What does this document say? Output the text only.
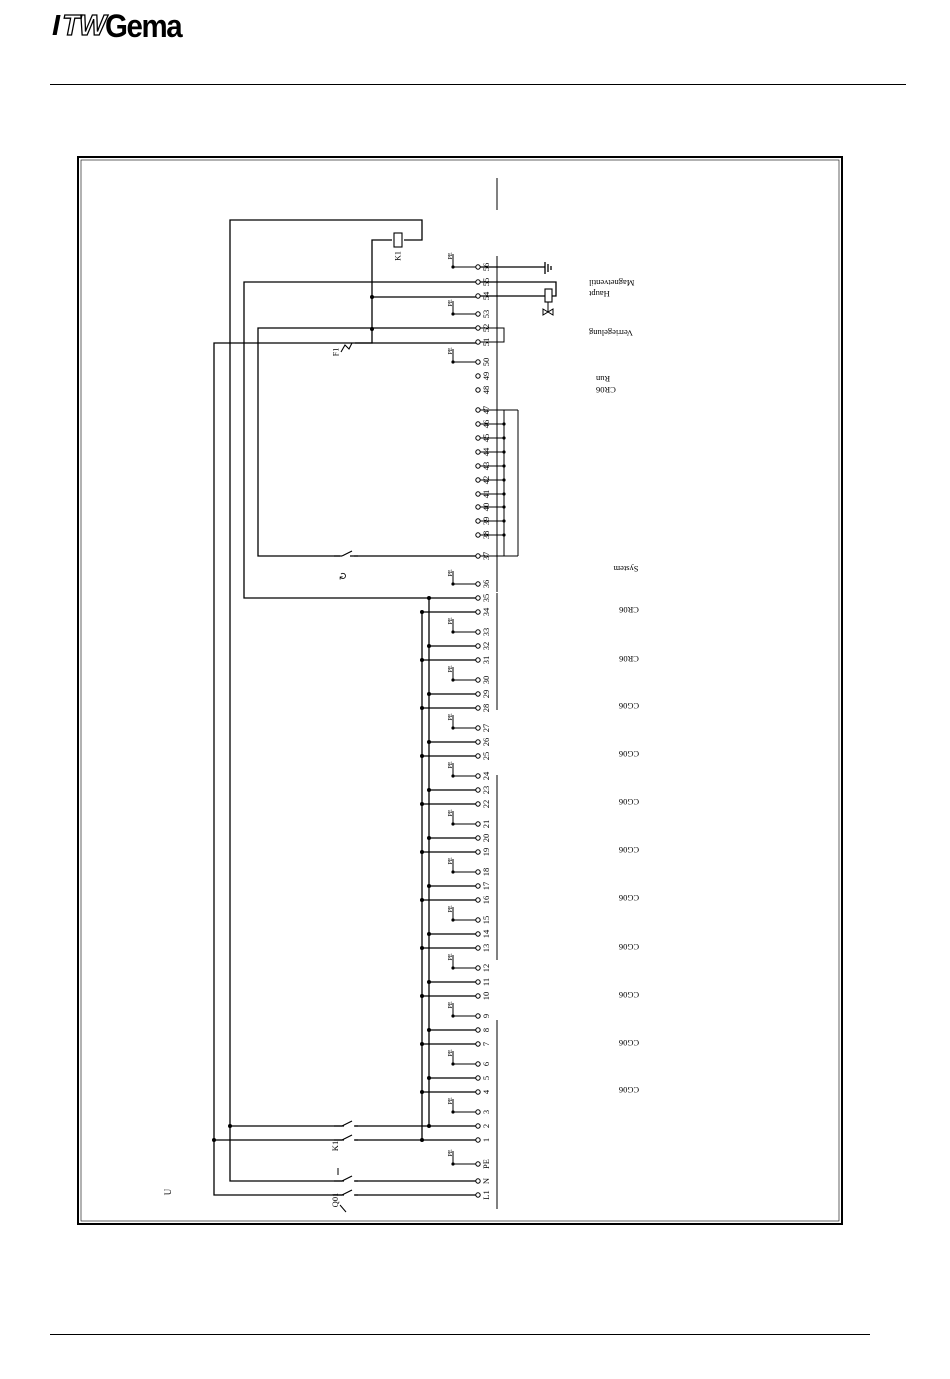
I TW Gema
L1
N
PE
1
2
3
4
5
6
7
8
9
10
11
12
13
14
15
16
17
18
19
20
21
22
23
24
25
26
27
28
29
30
31
32
33
34
35
36
37
38
39
40
41
42
43
44
45
46
47
48
49
50
51
52
53
54
55
56
PE
PE
PE
PE
PE
PE
PE
PE
PE
PE
PE
PE
PE
PE
PE
PE
Q01
K1
U
K1
F1
↻
CG06
CG06
CG06
CG06
CG06
CG06
CG06
CG06
CG06
CR06
CR06
System
CR06
Run
Verriegelung
Haupt
Magnetventil
